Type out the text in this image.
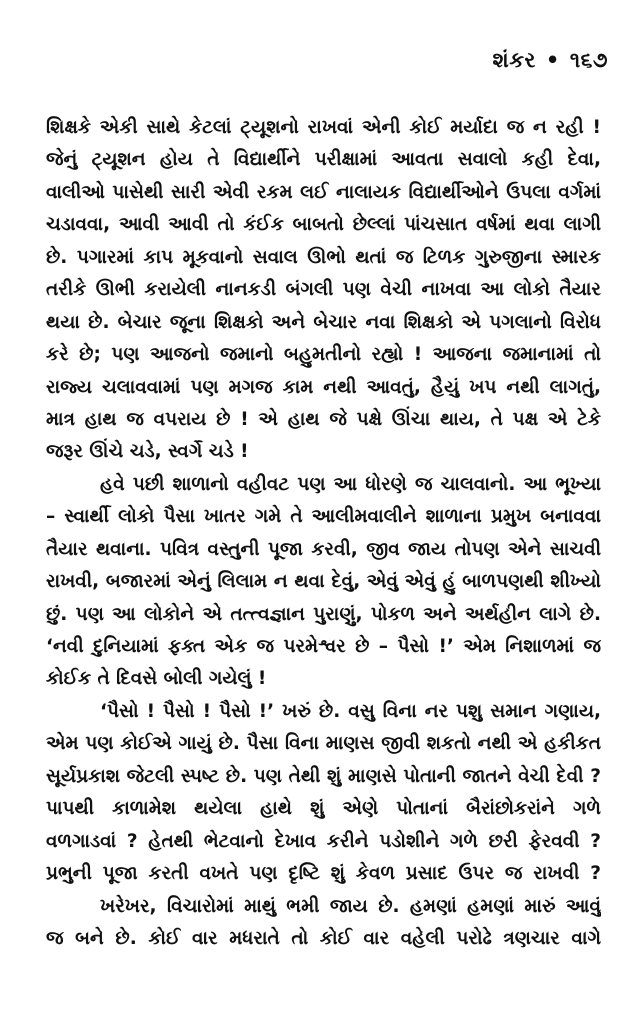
શંકર • ૧૬૭
શિક્ષકે એકી સાથે કેટલાં ટ્યૂશનો રાખવાં એની કોઈ મર્યાદા જ ન રહી !
જેનું ટ્યૂશન હોય તે વિદ્યાર્થીને પરીક્ષામાં આવતા સવાલો કહી દેવા,
વાલીઓ પાસેથી સારી એવી રકમ લઈ નાલાયક વિદ્યાર્થીઓને ઉપલા વર્ગમાં
ચડાવવા, આવી આવી તો કંઈક બાબતો છેલ્લાં પાંચસાત વર્ષમાં થવા લાગી
છે. પગારમાં કાપ મૂકવાનો સવાલ ઊભો થતાં જ ટિળક ગુરુજીના સ્મારક
તરીકે ઊભી કરાયેલી નાનકડી બંગલી પણ વેચી નાખવા આ લોકો તૈયાર
થયા છે. બેચાર જૂના શિક્ષકો અને બેચાર નવા શિક્ષકો એ પગલાનો વિરોધ
કરે છે; પણ આજનો જમાનો બહુમતીનો રહ્યો ! આજના જમાનામાં તો
રાજ્ય ચલાવવામાં પણ મગજ કામ નથી આવતું, હૈયું ખપ નથી લાગતું,
માત્ર હાથ જ વપરાય છે ! એ હાથ જે પક્ષે ઊંચા થાય, તે પક્ષ એ ટેકે
જરૂર ઊંચે ચડે, સ્વર્ગે ચડે !
હવે પછી શાળાનો વહીવટ પણ આ ધોરણે જ ચાલવાનો. આ ભૂખ્યા
– સ્વાર્થી લોકો પૈસા ખાતર ગમે તે આલીમવાલીને શાળાના પ્રમુખ બનાવવા
તૈયાર થવાના. પવિત્ર વસ્તુની પૂજા કરવી, જીવ જાય તોપણ એને સાચવી
રાખવી, બજારમાં એનું લિલામ ન થવા દેવું, એવું એવું હું બાળપણથી શીખ્યો
છું. પણ આ લોકોને એ તત્ત્વજ્ઞાન પુરાણું, પોકળ અને અર્થહીન લાગે છે.
‘નવી દુનિયામાં ફક્ત એક જ પરમેશ્વર છે – પૈસો !’ એમ નિશાળમાં જ
કોઈક તે દિવસે બોલી ગયેલું !
‘પૈસો ! પૈસો ! પૈસો !’ ખરું છે. વસુ વિના નર પશુ સમાન ગણાય,
એમ પણ કોઈએ ગાયું છે. પૈસા વિના માણસ જીવી શકતો નથી એ હકીકત
સૂર્યપ્રકાશ જેટલી સ્પષ્ટ છે. પણ તેથી શું માણસે પોતાની જાતને વેચી દેવી ?
પાપથી કાળામેશ થયેલા હાથે શું એણે પોતાનાં બૈરાંછોકરાંને ગળે
વળગાડવાં ? હેતથી ભેટવાનો દેખાવ કરીને પડોશીને ગળે છરી ફેરવવી ?
પ્રભુની પૂજા કરતી વખતે પણ દૃષ્ટિ શું કેવળ પ્રસાદ ઉપર જ રાખવી ?
ખરેખર, વિચારોમાં માથું ભમી જાય છે. હમણાં હમણાં મારું આવું
જ બને છે. કોઈ વાર મધરાતે તો કોઈ વાર વહેલી પરોઢે ત્રણચાર વાગે
